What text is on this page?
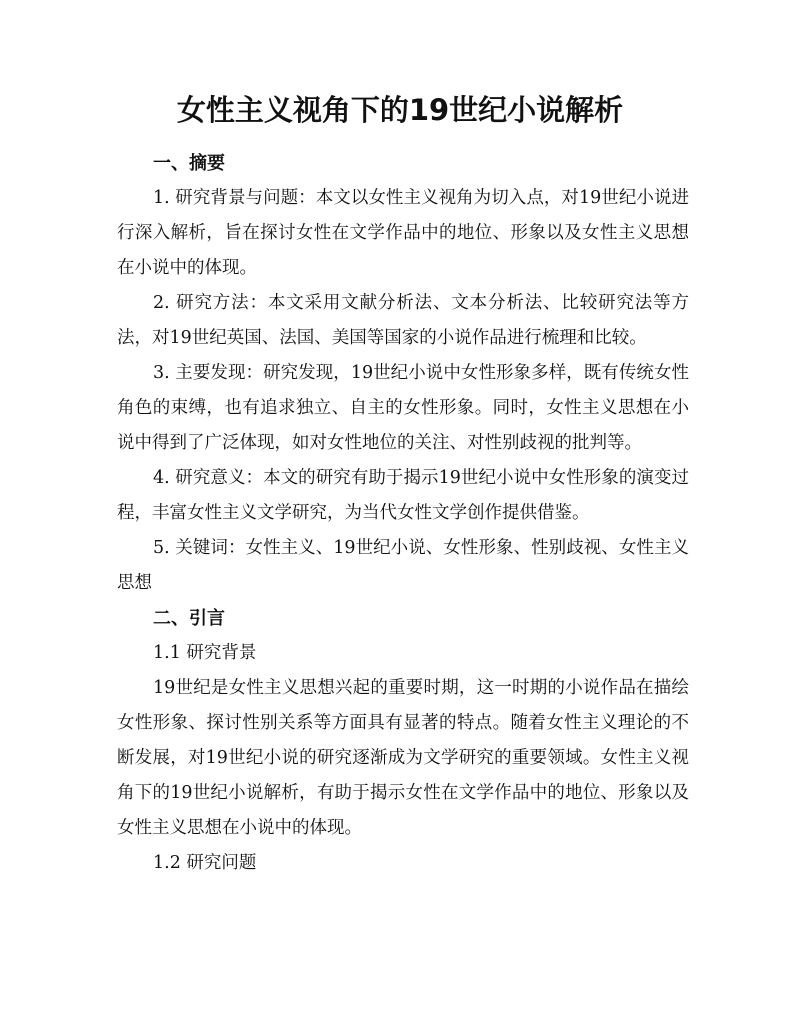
女性主义视角下的19世纪小说解析
一、摘要

1. 研究背景与问题：本文以女性主义视角为切入点，对19世纪小说进行深入解析，旨在探讨女性在文学作品中的地位、形象以及女性主义思想在小说中的体现。

2. 研究方法：本文采用文献分析法、文本分析法、比较研究法等方法，对19世纪英国、法国、美国等国家的小说作品进行梳理和比较。

3. 主要发现：研究发现，19世纪小说中女性形象多样，既有传统女性角色的束缚，也有追求独立、自主的女性形象。同时，女性主义思想在小说中得到了广泛体现，如对女性地位的关注、对性别歧视的批判等。

4. 研究意义：本文的研究有助于揭示19世纪小说中女性形象的演变过程，丰富女性主义文学研究，为当代女性文学创作提供借鉴。

5. 关键词：女性主义、19世纪小说、女性形象、性别歧视、女性主义思想

二、引言

1.1 研究背景

19世纪是女性主义思想兴起的重要时期，这一时期的小说作品在描绘女性形象、探讨性别关系等方面具有显著的特点。随着女性主义理论的不断发展，对19世纪小说的研究逐渐成为文学研究的重要领域。女性主义视角下的19世纪小说解析，有助于揭示女性在文学作品中的地位、形象以及女性主义思想在小说中的体现。

1.2 研究问题
